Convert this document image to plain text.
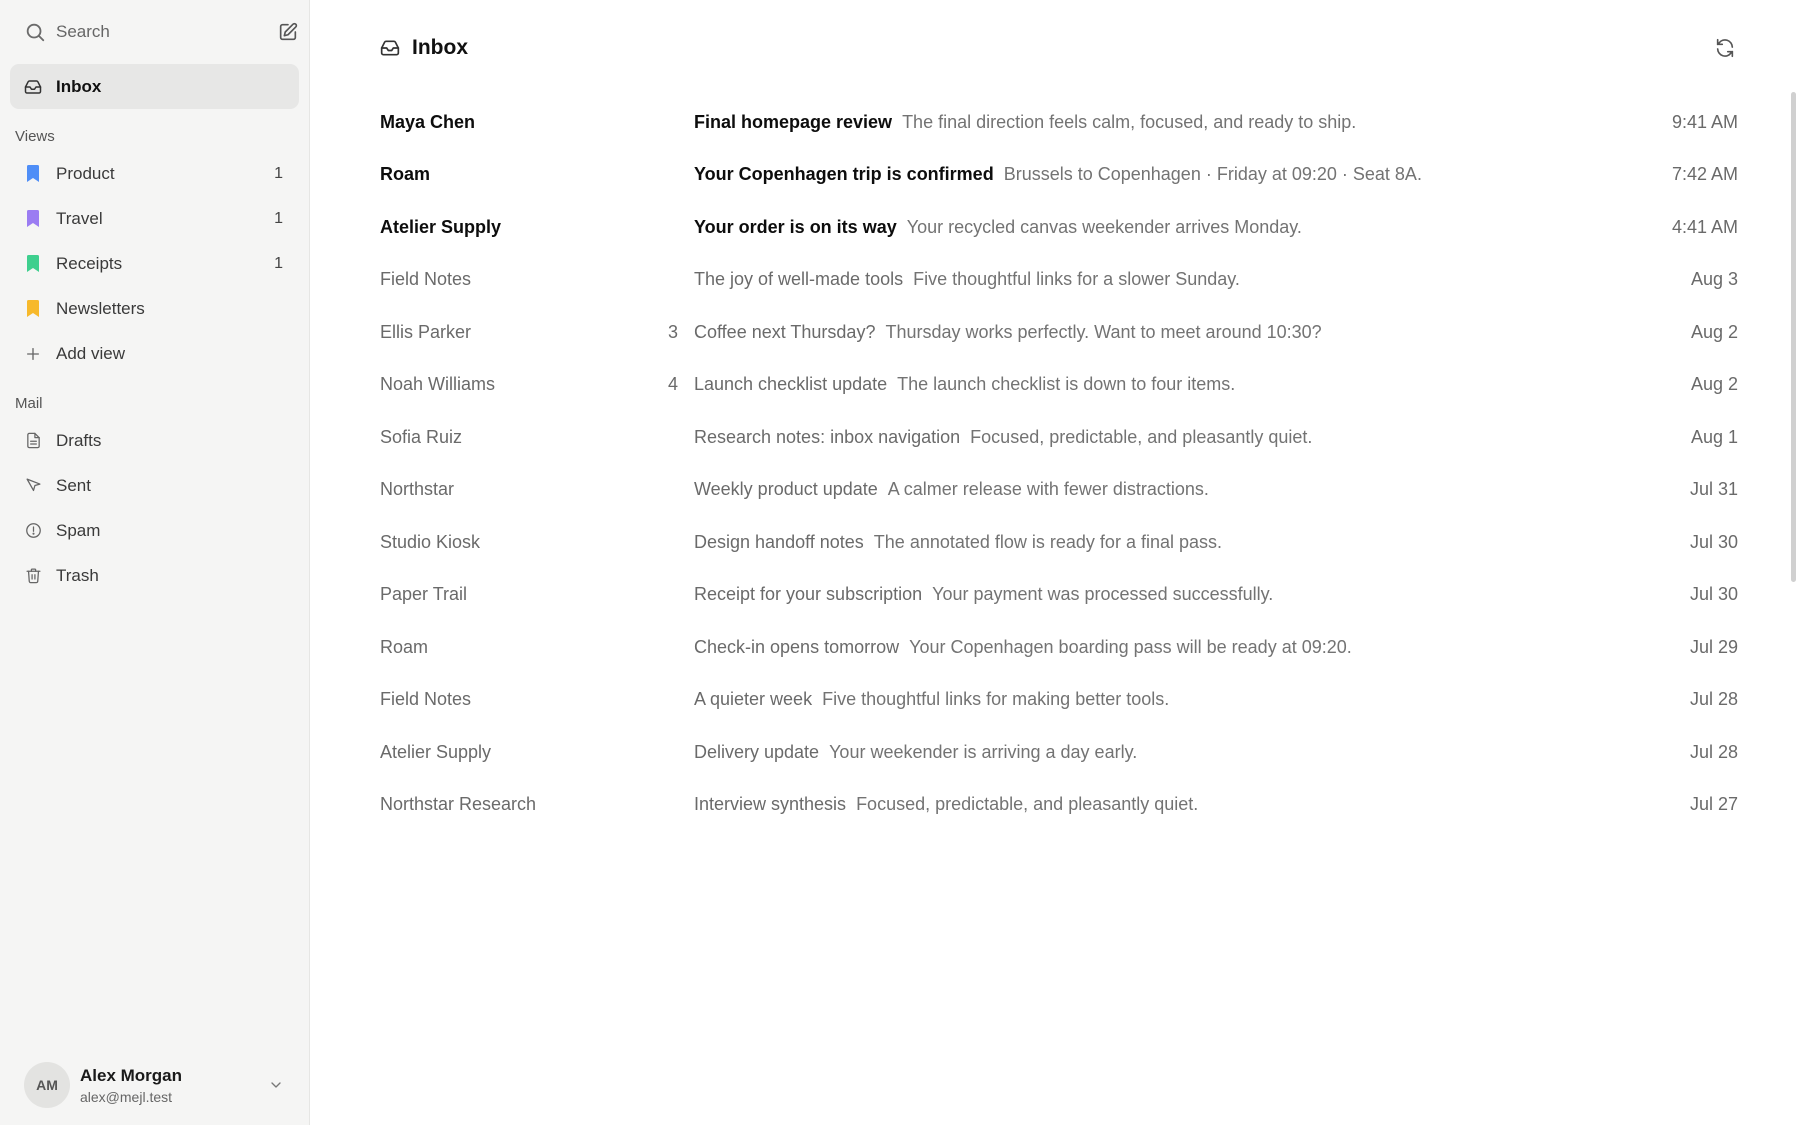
Search
Inbox
Views
Product	1
Travel	1
Receipts	1
Newsletters
Add view
Mail
Drafts
Sent
Spam
Trash
AM
Alex Morgan
alex@mejl.test
Inbox
Maya Chen	Final homepage review The final direction feels calm, focused, and ready to ship.	9:41 AM
Roam	Your Copenhagen trip is confirmed Brussels to Copenhagen · Friday at 09:20 · Seat 8A.	7:42 AM
Atelier Supply	Your order is on its way Your recycled canvas weekender arrives Monday.	4:41 AM
Field Notes	The joy of well-made tools Five thoughtful links for a slower Sunday.	Aug 3
Ellis Parker	3 Coffee next Thursday? Thursday works perfectly. Want to meet around 10:30?	Aug 2
Noah Williams	4 Launch checklist update The launch checklist is down to four items.	Aug 2
Sofia Ruiz	Research notes: inbox navigation Focused, predictable, and pleasantly quiet.	Aug 1
Northstar	Weekly product update A calmer release with fewer distractions.	Jul 31
Studio Kiosk	Design handoff notes The annotated flow is ready for a final pass.	Jul 30
Paper Trail	Receipt for your subscription Your payment was processed successfully.	Jul 30
Roam	Check-in opens tomorrow Your Copenhagen boarding pass will be ready at 09:20.	Jul 29
Field Notes	A quieter week Five thoughtful links for making better tools.	Jul 28
Atelier Supply	Delivery update Your weekender is arriving a day early.	Jul 28
Northstar Research	Interview synthesis Focused, predictable, and pleasantly quiet.	Jul 27
